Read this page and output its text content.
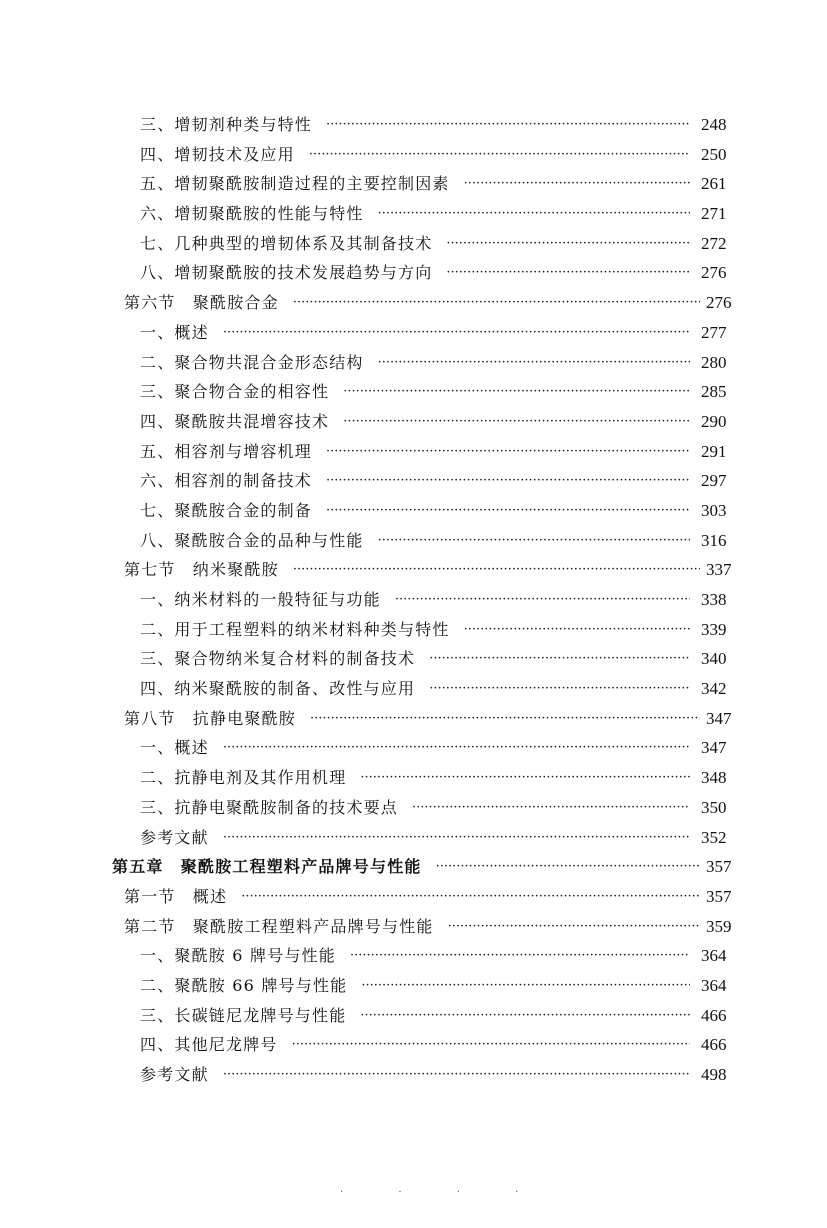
·····
三、增韧剂种类与特性	248
·····
四、增韧技术及应用	250
·····
五、增韧聚酰胺制造过程的主要控制因素	261
·····
六、增韧聚酰胺的性能与特性	271
·····
七、几种典型的增韧体系及其制备技术	272
·····
八、增韧聚酰胺的技术发展趋势与方向	276
·····
第六节　聚酰胺合金	276
·····
一、概述	277
·····
二、聚合物共混合金形态结构	280
·····
三、聚合物合金的相容性	285
·····
四、聚酰胺共混增容技术	290
·····
五、相容剂与增容机理	291
·····
六、相容剂的制备技术	297
·····
七、聚酰胺合金的制备	303
·····
八、聚酰胺合金的品种与性能	316
·····
第七节　纳米聚酰胺	337
·····
一、纳米材料的一般特征与功能	338
·····
二、用于工程塑料的纳米材料种类与特性	339
·····
三、聚合物纳米复合材料的制备技术	340
·····
四、纳米聚酰胺的制备、改性与应用	342
·····
第八节　抗静电聚酰胺	347
·····
一、概述	347
·····
二、抗静电剂及其作用机理	348
·····
三、抗静电聚酰胺制备的技术要点	350
·····
参考文献	352
·····
第五章　聚酰胺工程塑料产品牌号与性能	357
·····
第一节　概述	357
·····
第二节　聚酰胺工程塑料产品牌号与性能	359
·····
一、聚酰胺 6 牌号与性能	364
·····
二、聚酰胺 66 牌号与性能	364
·····
三、长碳链尼龙牌号与性能	466
·····
四、其他尼龙牌号	466
·····
参考文献	498
. . . .
